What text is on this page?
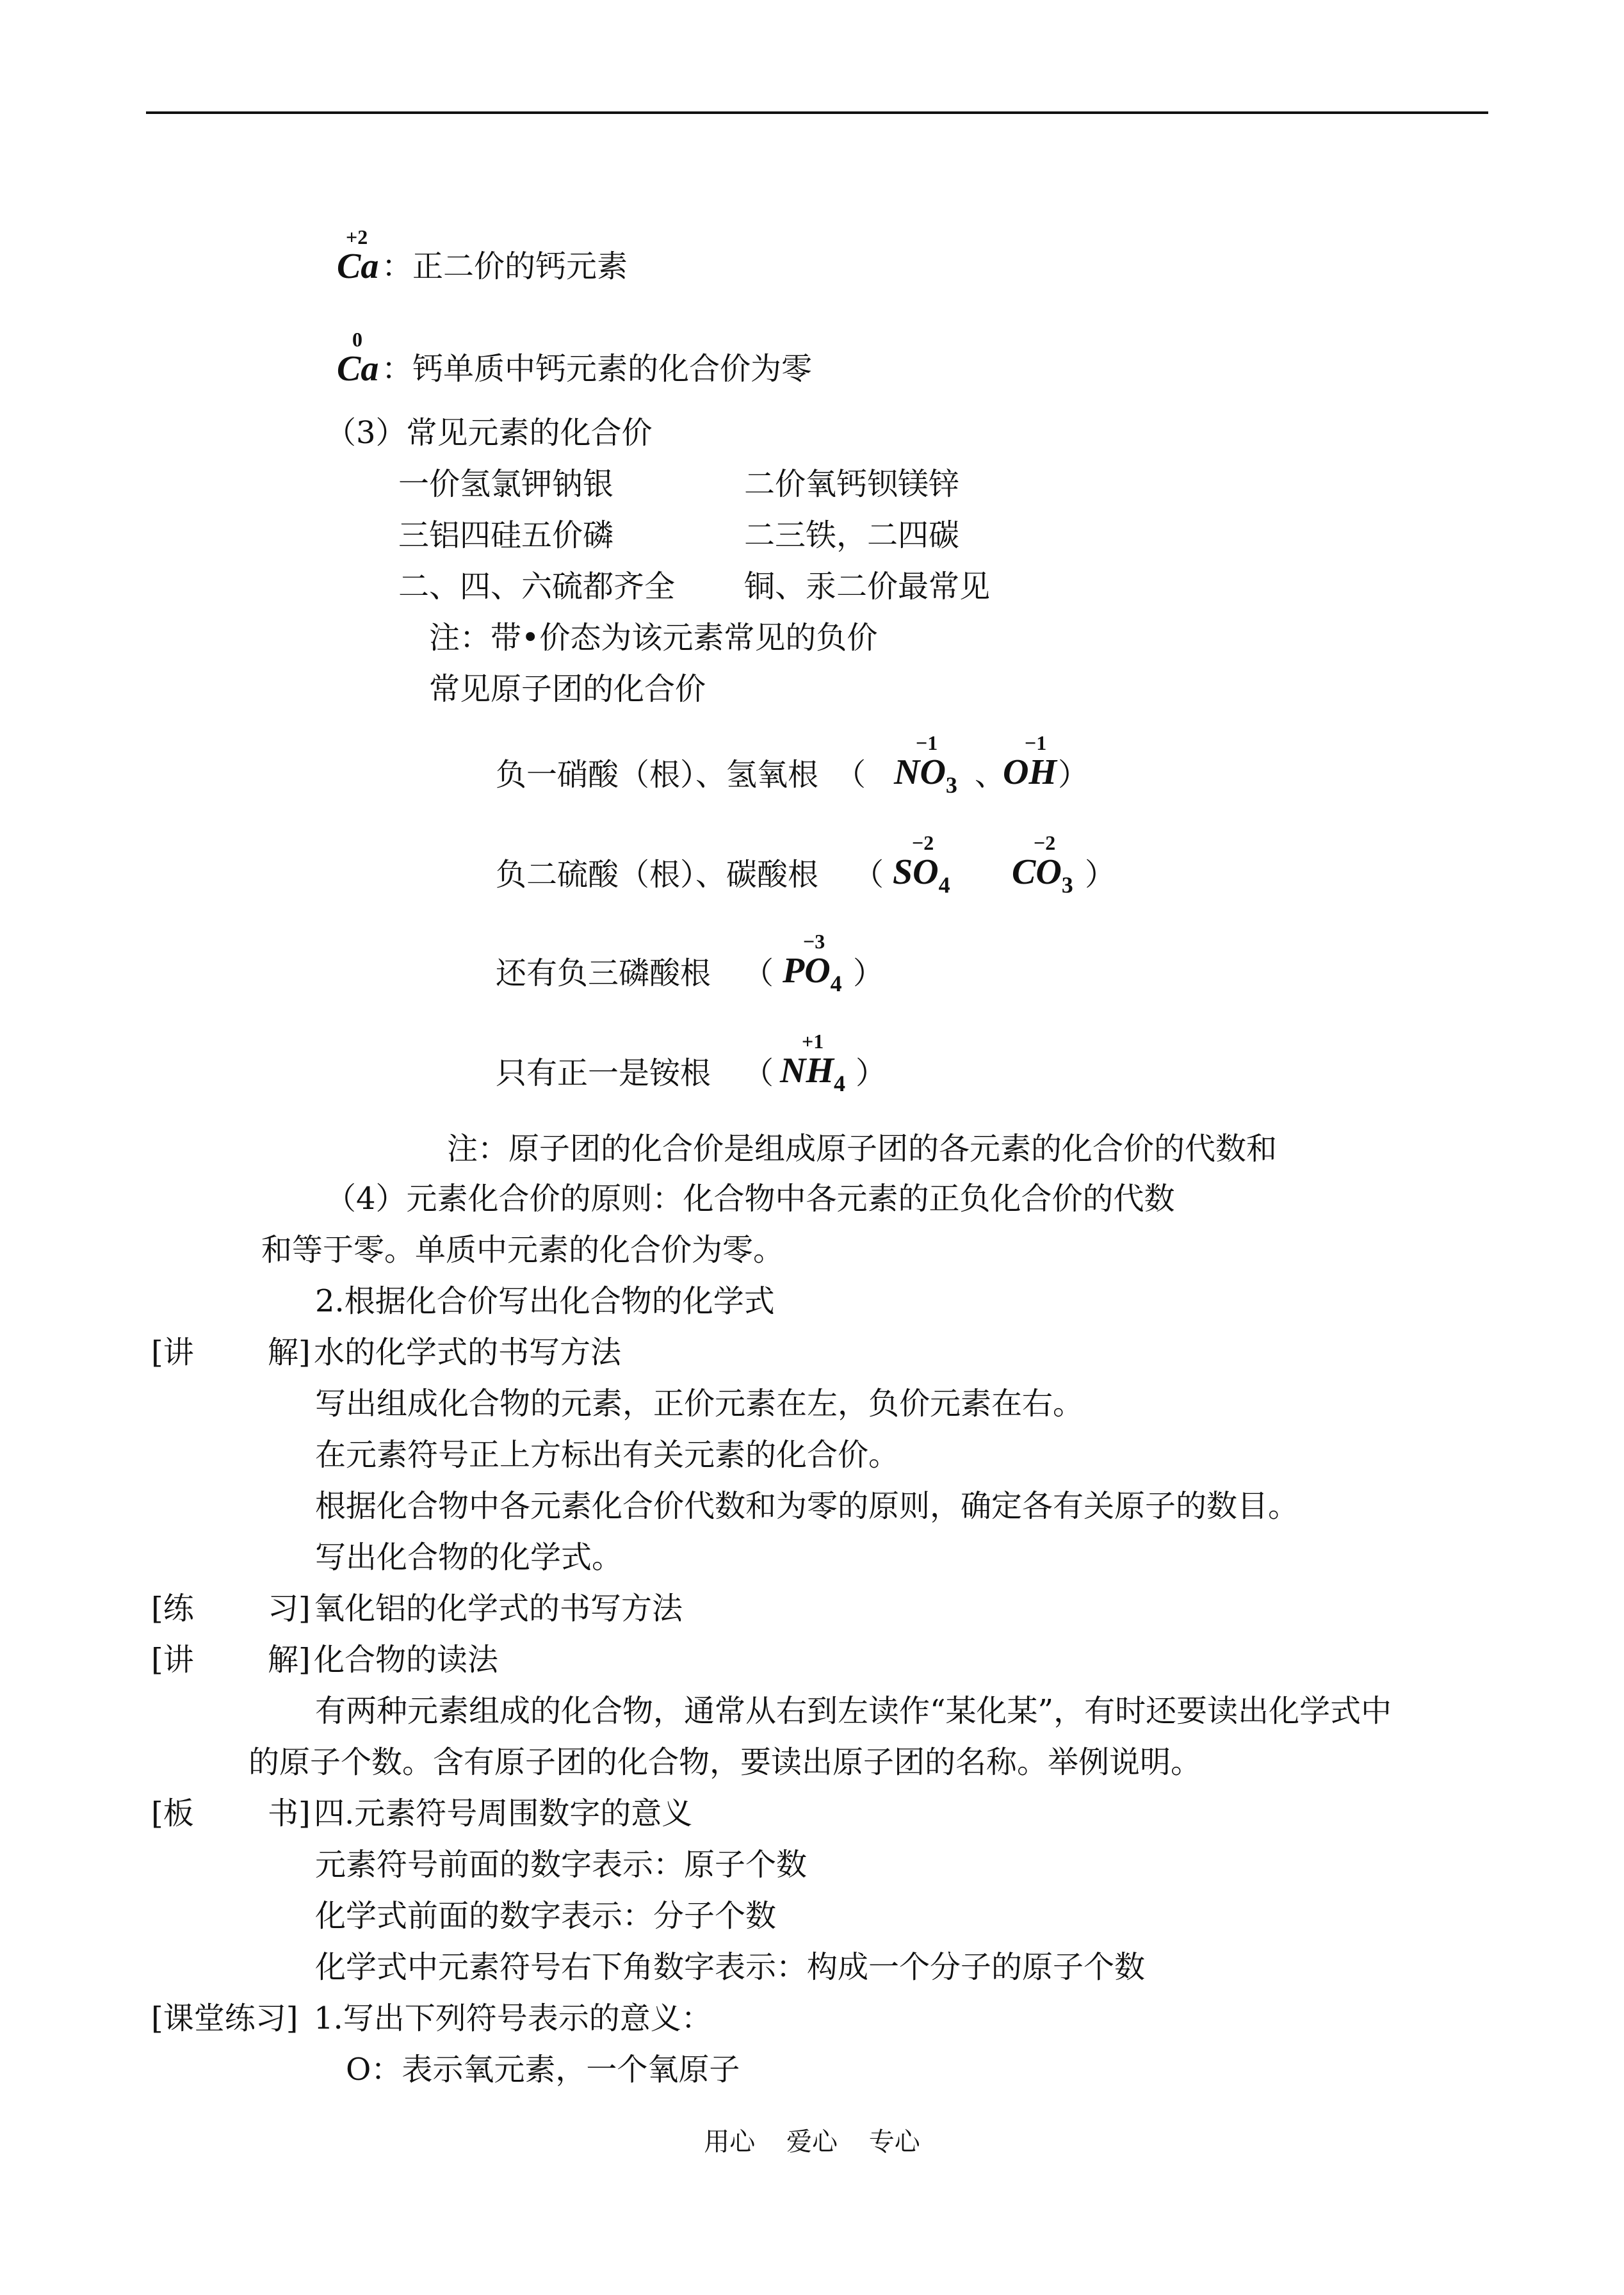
+2
Ca ：正二价的钙元素
0
Ca ：钙单质中钙元素的化合价为零
（3）常见元素的化合价
一价氢氯钾钠银	二价氧钙钡镁锌
三铝四硅五价磷	二三铁，二四碳
二、四、六硫都齐全 铜、汞二价最常见
注：带•价态为该元素常见的负价
常见原子团的化合价
负一硝酸（根）、氢氧根 （
−1
NO3 、
−1
OH ）
负二硫酸（根）、碳酸根 （
−2
SO4
−2
CO3 ）
还有负三磷酸根 （
−3
PO4 ）
只有正一是铵根 （
+1
NH4 ）
注：原子团的化合价是组成原子团的各元素的化合价的代数和
（4）元素化合价的原则：化合物中各元素的正负化合价的代数
和等于零。单质中元素的化合价为零。
2.根据化合价写出化合物的化学式
[讲 解] 水的化学式的书写方法
写出组成化合物的元素，正价元素在左，负价元素在右。
在元素符号正上方标出有关元素的化合价。
根据化合物中各元素化合价代数和为零的原则，确定各有关原子的数目。
写出化合物的化学式。
[练 习] 氧化铝的化学式的书写方法
[讲 解] 化合物的读法
有两种元素组成的化合物，通常从右到左读作“某化某”，有时还要读出化学式中
的原子个数。含有原子团的化合物，要读出原子团的名称。举例说明。
[板 书] 四.元素符号周围数字的意义
元素符号前面的数字表示：原子个数
化学式前面的数字表示：分子个数
化学式中元素符号右下角数字表示：构成一个分子的原子个数
[课堂练习] 1.写出下列符号表示的意义：
O：表示氧元素，一个氧原子
用心 爱心 专心
